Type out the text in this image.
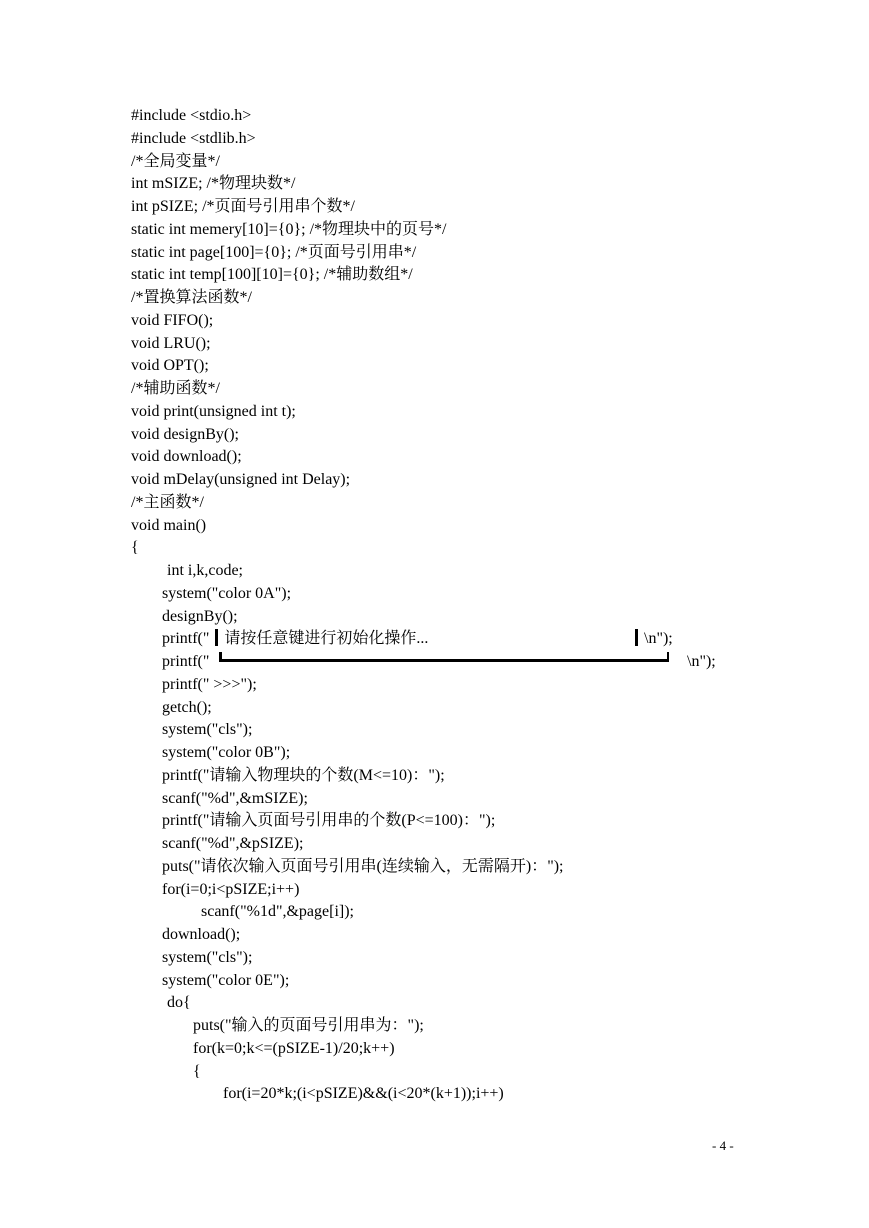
#include <stdio.h>
#include <stdlib.h>
/*全局变量*/
int mSIZE; /*物理块数*/
int pSIZE; /*页面号引用串个数*/
static int memery[10]={0}; /*物理块中的页号*/
static int page[100]={0}; /*页面号引用串*/
static int temp[100][10]={0}; /*辅助数组*/
/*置换算法函数*/
void FIFO();
void LRU();
void OPT();
/*辅助函数*/
void print(unsigned int t);
void designBy();
void download();
void mDelay(unsigned int Delay);
/*主函数*/
void main()
{
int i,k,code;
system("color 0A");
designBy();
printf(" 请按任意键进行初始化操作...	\n");
printf("	\n");
printf(" >>>");
getch();
system("cls");
system("color 0B");
printf("请输入物理块的个数(M<=10)：");
scanf("%d",&mSIZE);
printf("请输入页面号引用串的个数(P<=100)：");
scanf("%d",&pSIZE);
puts("请依次输入页面号引用串(连续输入，无需隔开)：");
for(i=0;i<pSIZE;i++)
scanf("%1d",&page[i]);
download();
system("cls");
system("color 0E");
do{
puts("输入的页面号引用串为：");
for(k=0;k<=(pSIZE-1)/20;k++)
{
for(i=20*k;(i<pSIZE)&&(i<20*(k+1));i++)
- 4 -
